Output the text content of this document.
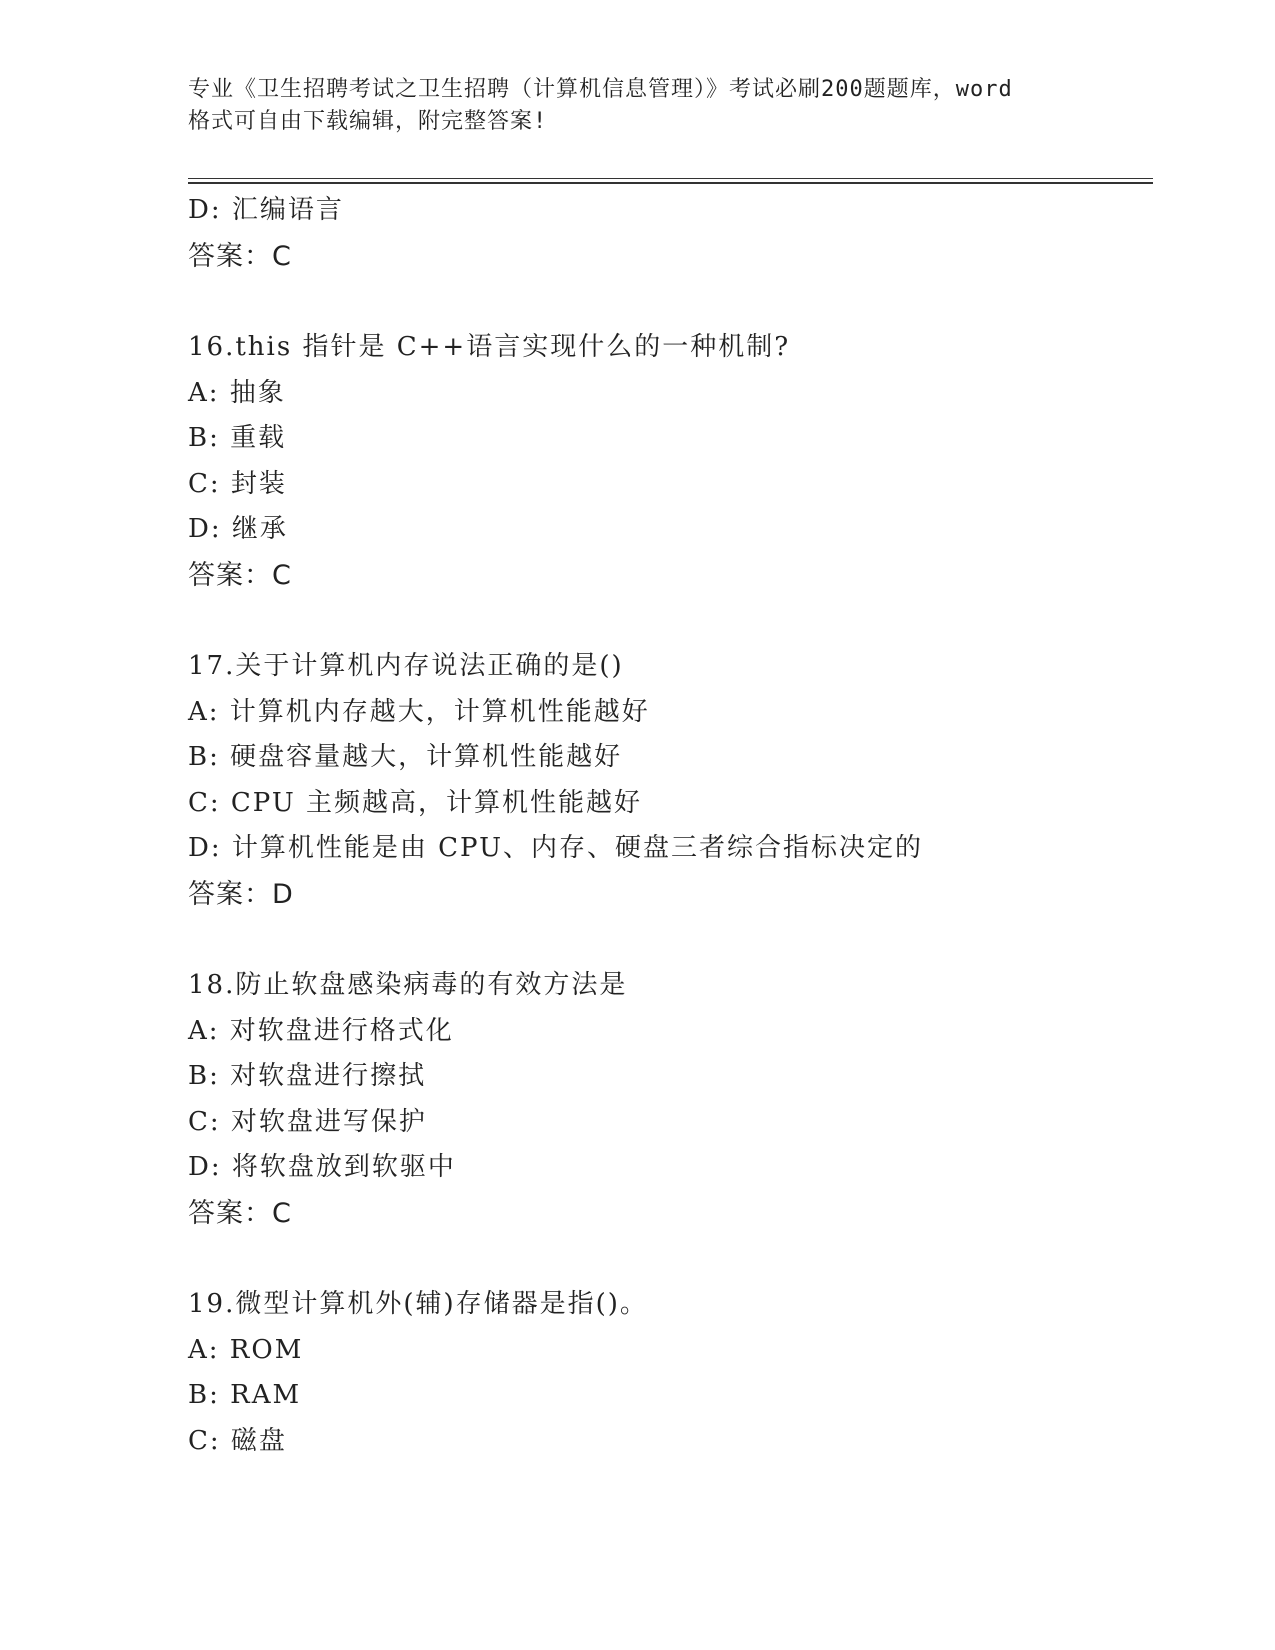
专业《卫生招聘考试之卫生招聘（计算机信息管理）》考试必刷200题题库，word
格式可自由下载编辑，附完整答案!
D: 汇编语言
答案：C
16.this 指针是 C++语言实现什么的一种机制?
A: 抽象
B: 重载
C: 封装
D: 继承
答案：C
17.关于计算机内存说法正确的是()
A: 计算机内存越大，计算机性能越好
B: 硬盘容量越大，计算机性能越好
C: CPU 主频越高，计算机性能越好
D: 计算机性能是由 CPU、内存、硬盘三者综合指标决定的
答案：D
18.防止软盘感染病毒的有效方法是
A: 对软盘进行格式化
B: 对软盘进行擦拭
C: 对软盘进写保护
D: 将软盘放到软驱中
答案：C
19.微型计算机外(辅)存储器是指()。
A: ROM
B: RAM
C: 磁盘
